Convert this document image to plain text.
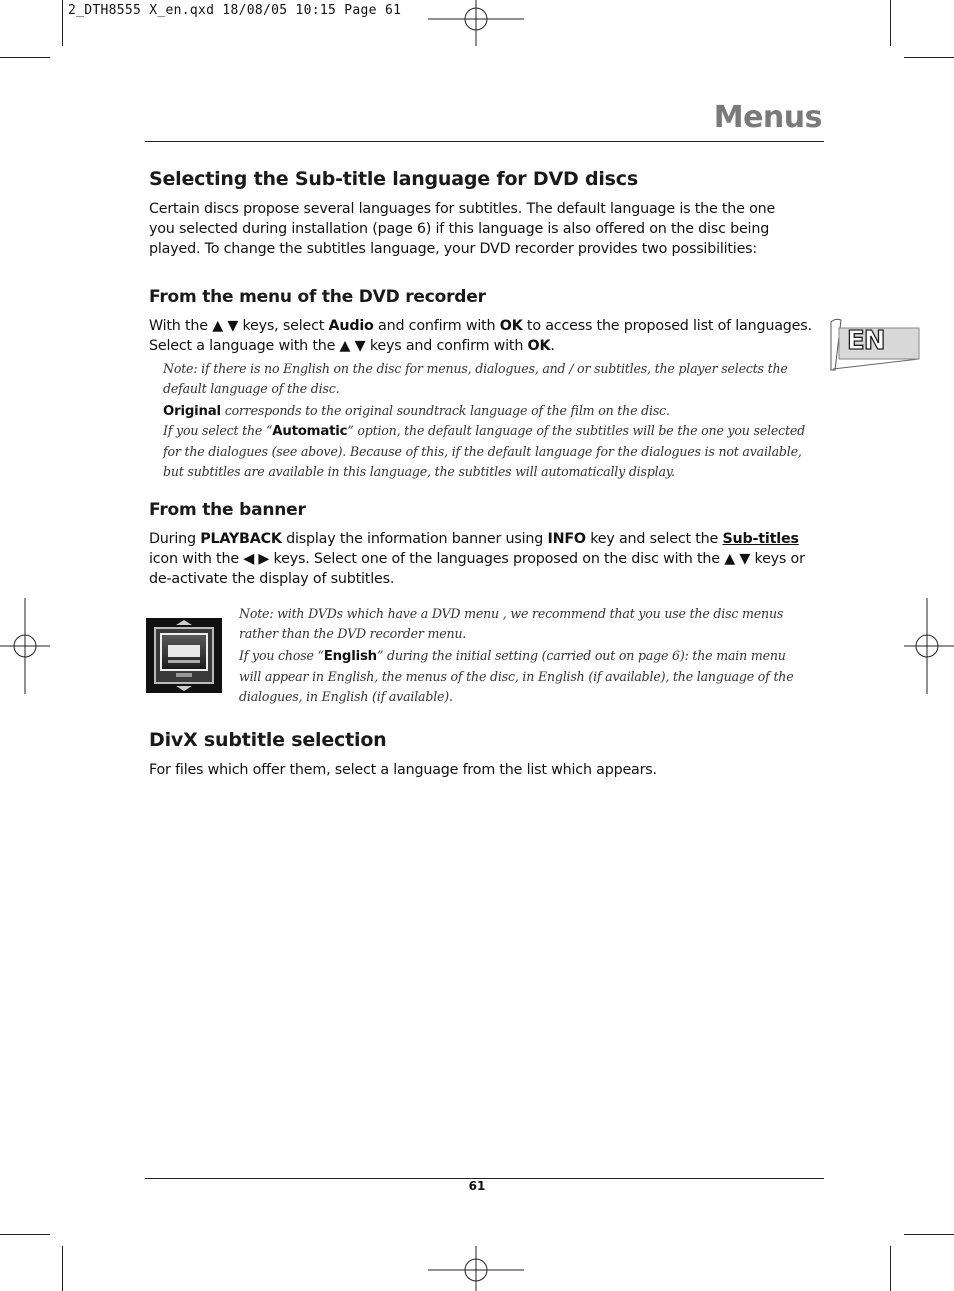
2_DTH8555 X_en.qxd 18/08/05 10:15 Page 61
Menus
EN
Selecting the Sub-title language for DVD discs
Certain discs propose several languages for subtitles. The default language is the the one you selected during installation (page 6) if this language is also offered on the disc being played. To change the subtitles language, your DVD recorder provides two possibilities:
From the menu of the DVD recorder
With the ▲ ▼ keys, select Audio and confirm with OK to access the proposed list of languages. Select a language with the ▲ ▼ keys and confirm with OK.
Note: if there is no English on the disc for menus, dialogues, and / or subtitles, the player selects the default language of the disc.
Original corresponds to the original soundtrack language of the film on the disc.
If you select the “Automatic” option, the default language of the subtitles will be the one you selected for the dialogues (see above). Because of this, if the default language for the dialogues is not available, but subtitles are available in this language, the subtitles will automatically display.
From the banner
During PLAYBACK display the information banner using INFO key and select the Sub-titles icon with the ◀ ▶ keys. Select one of the languages proposed on the disc with the ▲ ▼ keys or de-activate the display of subtitles.
Note: with DVDs which have a DVD menu , we recommend that you use the disc menus rather than the DVD recorder menu.
If you chose “English” during the initial setting (carried out on page 6): the main menu will appear in English, the menus of the disc, in English (if available), the language of the dialogues, in English (if available).
DivX subtitle selection
For files which offer them, select a language from the list which appears.
61
